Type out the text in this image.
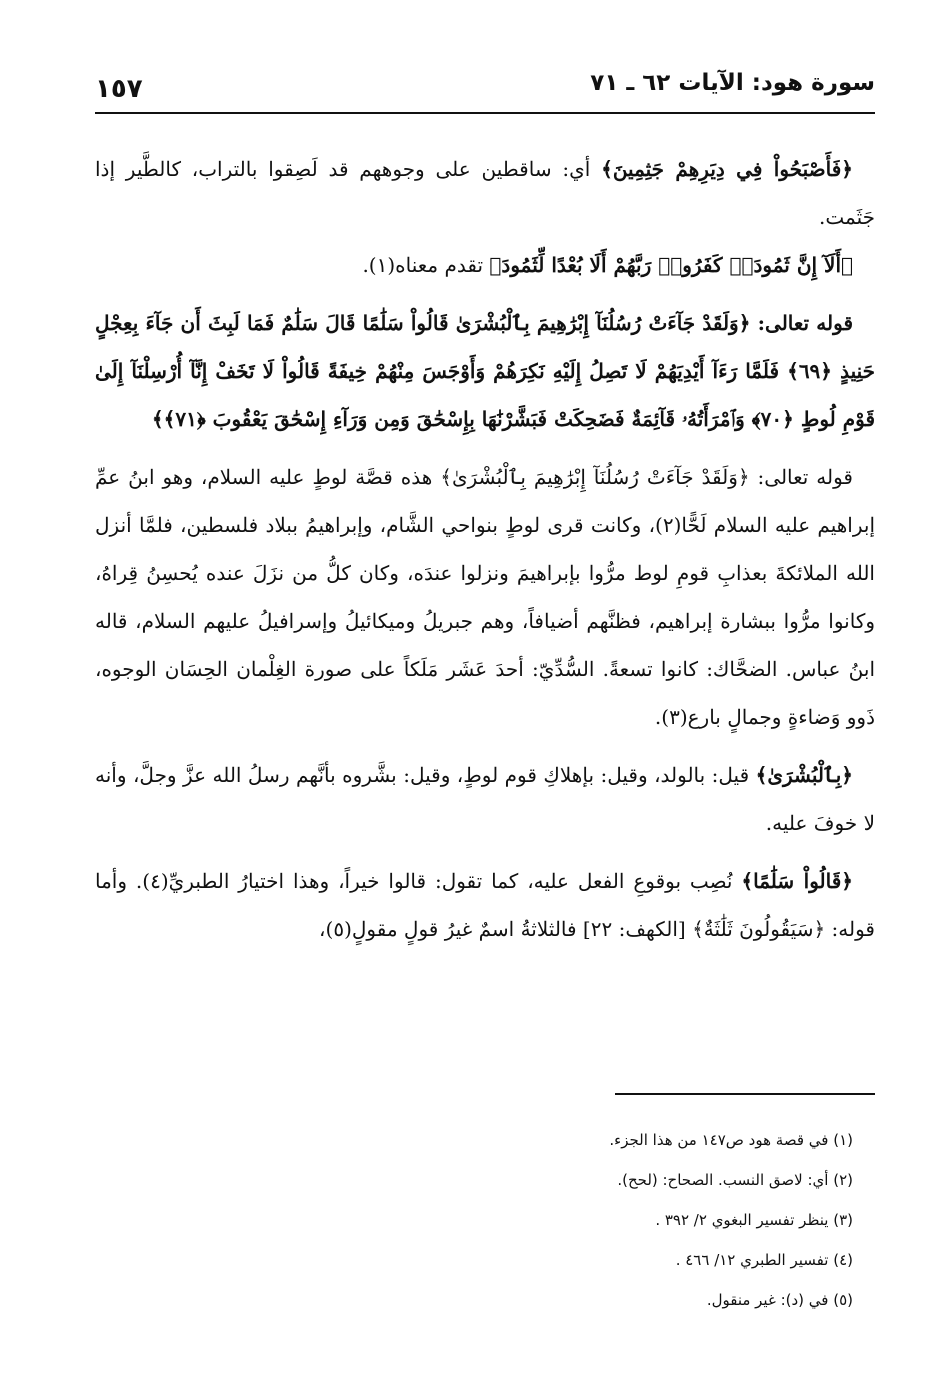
سورة هود: الآيات ٦٢ ـ ٧١
١٥٧

﴿فَأَصْبَحُواْ فِي دِيَرِهِمْ جَثِمِينَ﴾ أي: ساقطين على وجوههم قد لَصِقوا بالتراب، كالطَّير إذا جَثَمت.

﴿أَلَآ إِنَّ ثَمُودَا۟ كَفَرُوا۟ رَبَّهُمْ أَلَا بُعْدًا لِّثَمُودَ﴾ تقدم معناه(١).

قوله تعالى: ﴿وَلَقَدْ جَآءَتْ رُسُلُنَآ إِبْرَٰهِيمَ بِٱلْبُشْرَىٰ قَالُواْ سَلَٰمًا قَالَ سَلَٰمٌ فَمَا لَبِثَ أَن جَآءَ بِعِجْلٍ حَنِيذٍ ﴿٦٩﴾ فَلَمَّا رَءَآ أَيْدِيَهُمْ لَا تَصِلُ إِلَيْهِ نَكِرَهُمْ وَأَوْجَسَ مِنْهُمْ خِيفَةً قَالُواْ لَا تَخَفْ إِنَّآ أُرْسِلْنَآ إِلَىٰ قَوْمِ لُوطٍ ﴿٧٠﴾ وَٱمْرَأَتُهُۥ قَآئِمَةٌ فَضَحِكَتْ فَبَشَّرْنَٰهَا بِإِسْحَٰقَ وَمِن وَرَآءِ إِسْحَٰقَ يَعْقُوبَ ﴿٧١﴾﴾

قوله تعالى: ﴿وَلَقَدْ جَآءَتْ رُسُلُنَآ إِبْرَٰهِيمَ بِٱلْبُشْرَىٰ﴾ هذه قصَّة لوطٍ عليه السلام، وهو ابنُ عمِّ إبراهيم عليه السلام لَحًّا(٢)، وكانت قرى لوطٍ بنواحي الشَّام، وإبراهيمُ ببلاد فلسطين، فلمَّا أنزل الله الملائكةَ بعذابِ قومِ لوط مرُّوا بإبراهيمَ ونزلوا عندَه، وكان كلُّ من نزَلَ عنده يُحسِنُ قِراهُ، وكانوا مرُّوا ببشارة إبراهيم، فظنَّهم أضيافاً، وهم جبريلُ وميكائيلُ وإسرافيلُ عليهم السلام، قاله ابنُ عباس. الضحَّاك: كانوا تسعةً. السُّدِّيّ: أحدَ عَشَر مَلَكاً على صورة الغِلْمان الحِسَان الوجوه، ذَوو وَضاءةٍ وجمالٍ بارع(٣).

﴿بِٱلْبُشْرَىٰ﴾ قيل: بالولد، وقيل: بإهلاكِ قوم لوطٍ، وقيل: بشَّروه بأنَّهم رسلُ الله عزَّ وجلَّ، وأنه لا خوفَ عليه.

﴿قَالُواْ سَلَٰمًا﴾ نُصِب بوقوعِ الفعل عليه، كما تقول: قالوا خيراً، وهذا اختيارُ الطبريِّ(٤). وأما قوله: ﴿سَيَقُولُونَ ثَلَٰثَةٌ﴾ [الكهف: ٢٢] فالثلاثةُ اسمٌ غيرُ قولٍ مقولٍ(٥)،

(١) في قصة هود ص١٤٧ من هذا الجزء.

(٢) أي: لاصق النسب. الصحاح: (لحح).

(٣) ينظر تفسير البغوي ٢/ ٣٩٢ .

(٤) تفسير الطبري ١٢/ ٤٦٦ .

(٥) في (د): غير منقول.
